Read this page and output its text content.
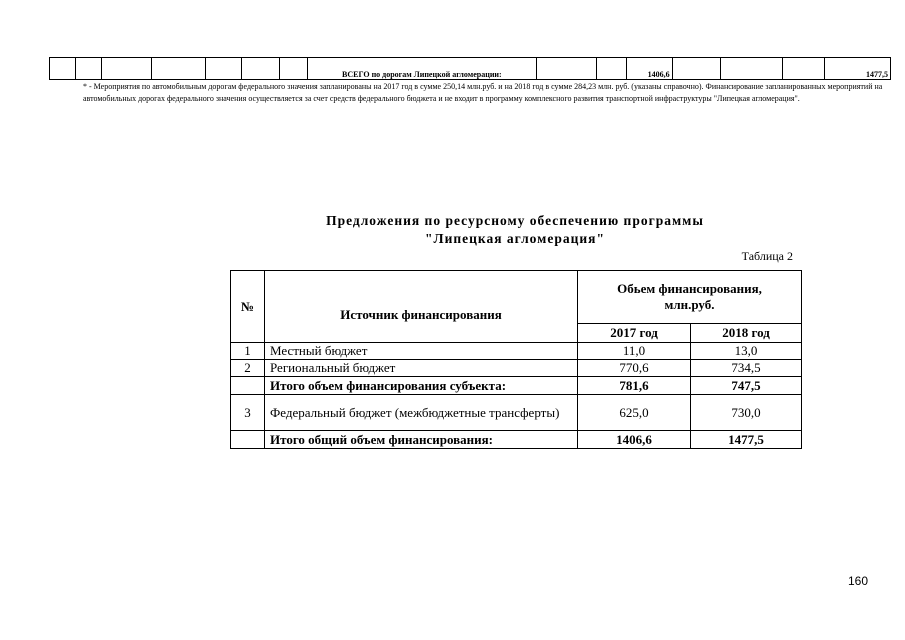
							ВСЕГО по дорогам Липецкой агломерации:			1406,6				1477,5
* - Мероприятия по автомобильным дорогам федерального значения запланированы на 2017 год в сумме 250,14 млн.руб. и на 2018 год в сумме 284,23 млн. руб. (указаны справочно). Финансирование запланированных мероприятий на автомобильных дорогах федерального значения осуществляется за счет средств федерального бюджета и не входит в программу комплексного развития транспортной инфраструктуры "Липецкая агломерация".
Предложения по ресурсному обеспечению программы
"Липецкая агломерация"
Таблица 2
№	Источник финансирования	Обьем финансирования, млн.руб.	
		2017 год	2018 год
1	Местный бюджет	11,0	13,0
2	Региональный бюджет	770,6	734,5
	Итого объем финансирования субъекта:	781,6	747,5
3	Федеральный бюджет (межбюджетные трансферты)	625,0	730,0
	Итого общий объем финансирования:	1406,6	1477,5
160
